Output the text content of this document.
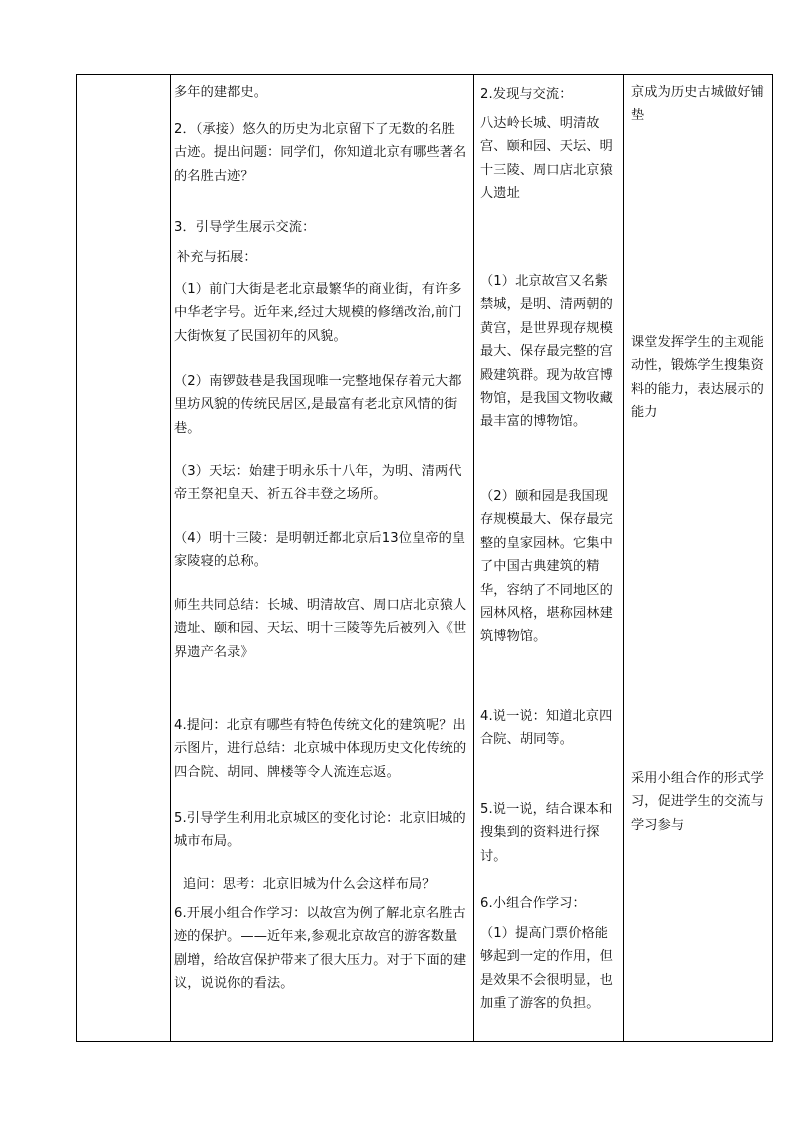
多年的建都史。

2．（承接）悠久的历史为北京留下了无数的名胜古迹。提出问题：同学们，你知道北京有哪些著名的名胜古迹？

3．引导学生展示交流：

补充与拓展：

（1）前门大街是老北京最繁华的商业街，有许多中华老字号。近年来,经过大规模的修缮改治,前门大街恢复了民国初年的风貌。

（2）南锣鼓巷是我国现唯一完整地保存着元大都里坊风貌的传统民居区,是最富有老北京风情的街巷。

（3）天坛：始建于明永乐十八年，为明、清两代帝王祭祀皇天、祈五谷丰登之场所。

（4）明十三陵：是明朝迁都北京后13位皇帝的皇家陵寝的总称。

师生共同总结：长城、明清故宫、周口店北京猿人遗址、颐和园、天坛、明十三陵等先后被列入《世界遗产名录》

4.提问：北京有哪些有特色传统文化的建筑呢？出示图片，进行总结：北京城中体现历史文化传统的四合院、胡同、牌楼等令人流连忘返。

5.引导学生利用北京城区的变化讨论：北京旧城的城市布局。

追问：思考：北京旧城为什么会这样布局？

6.开展小组合作学习：以故宫为例了解北京名胜古迹的保护。——近年来,参观北京故宫的游客数量剧增，给故宫保护带来了很大压力。对于下面的建议，说说你的看法。

2.发现与交流：

八达岭长城、明清故宫、颐和园、天坛、明十三陵、周口店北京猿人遗址

（1）北京故宫又名紫禁城，是明、清两朝的黄宫，是世界现存规模最大、保存最完整的宫殿建筑群。现为故宫博物馆，是我国文物收藏最丰富的博物馆。

（2）颐和园是我国现存规模最大、保存最完整的皇家园林。它集中了中国古典建筑的精华，容纳了不同地区的园林风格，堪称园林建筑博物馆。

4.说一说：知道北京四合院、胡同等。

5.说一说，结合课本和搜集到的资料进行探讨。

6.小组合作学习：

（1）提高门票价格能够起到一定的作用，但是效果不会很明显，也加重了游客的负担。

京成为历史古城做好铺垫

课堂发挥学生的主观能动性，锻炼学生搜集资料的能力，表达展示的能力

采用小组合作的形式学习，促进学生的交流与学习参与
